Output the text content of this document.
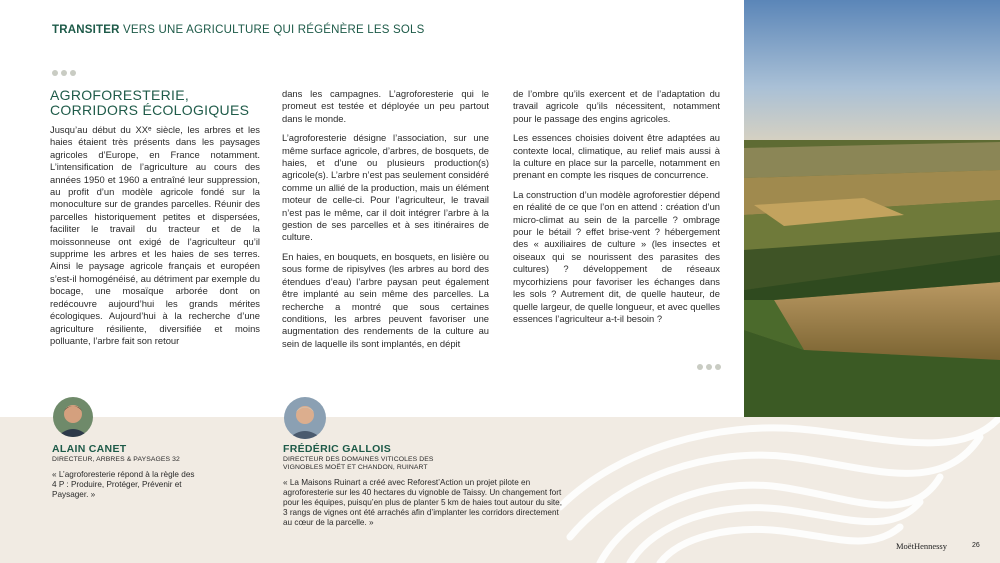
TRANSITER VERS UNE AGRICULTURE QUI RÉGÉNÈRE LES SOLS
AGROFORESTERIE, CORRIDORS ÉCOLOGIQUES

Jusqu’au début du XXᵉ siècle, les arbres et les haies étaient très présents dans les paysages agricoles d’Europe, en France notamment. L’intensification de l’agriculture au cours des années 1950 et 1960 a entraîné leur suppression, au profit d’un modèle agricole fondé sur la monoculture sur de grandes parcelles. Réunir des parcelles historiquement petites et dispersées, faciliter le travail du tracteur et de la moissonneuse ont exigé de l’agriculteur qu’il supprime les arbres et les haies de ses terres. Ainsi le paysage agricole français et européen s’est-il homogénéisé, au détriment par exemple du bocage, une mosaïque arborée dont on redécouvre aujourd’hui les grands mérites écologiques. Aujourd’hui à la recherche d’une agriculture résiliente, diversifiée et moins polluante, l’arbre fait son retour

dans les campagnes. L’agroforesterie qui le promeut est testée et déployée un peu partout dans le monde.

L’agroforesterie désigne l’association, sur une même surface agricole, d’arbres, de bosquets, de haies, et d’une ou plusieurs production(s) agricole(s). L’arbre n’est pas seulement considéré comme un allié de la production, mais un élément moteur de celle-ci. Pour l’agriculteur, le travail n’est pas le même, car il doit intégrer l’arbre à la gestion de ses parcelles et à ses itinéraires de culture.

En haies, en bouquets, en bosquets, en lisière ou sous forme de ripisylves (les arbres au bord des étendues d’eau) l’arbre paysan peut également être implanté au sein même des parcelles. La recherche a montré que sous certaines conditions, les arbres peuvent favoriser une augmentation des rendements de la culture au sein de laquelle ils sont implantés, en dépit

de l’ombre qu’ils exercent et de l’adaptation du travail agricole qu’ils nécessitent, notamment pour le passage des engins agricoles.

Les essences choisies doivent être adaptées au contexte local, climatique, au relief mais aussi à la culture en place sur la parcelle, notamment en prenant en compte les risques de concurrence.

La construction d’un modèle agroforestier dépend en réalité de ce que l’on en attend : création d’un micro-climat au sein de la parcelle ? ombrage pour le bétail ? effet brise-vent ? hébergement des « auxiliaires de culture » (les insectes et oiseaux qui se nourissent des parasites des cultures) ? développement de réseaux mycorhiziens pour favoriser les échanges dans les sols ? Autrement dit, de quelle hauteur, de quelle largeur, de quelle longueur, et avec quelles essences l’agriculteur a-t-il besoin ?

ALAIN CANET
DIRECTEUR, ARBRES & PAYSAGES 32
« L’agroforesterie répond à la règle des 4 P : Produire, Protéger, Prévenir et Paysager. »
FRÉDÉRIC GALLOIS
DIRECTEUR DES DOMAINES VITICOLES DES VIGNOBLES MOËT ET CHANDON, RUINART
« La Maisons Ruinart a créé avec Reforest’Action un projet pilote en agroforesterie sur les 40 hectares du vignoble de Taissy. Un changement fort pour les équipes, puisqu’en plus de planter 5 km de haies tout autour du site, 3 rangs de vignes ont été arrachés afin d’implanter les corridors directement au cœur de la parcelle. »
MoëtHennessy	26
